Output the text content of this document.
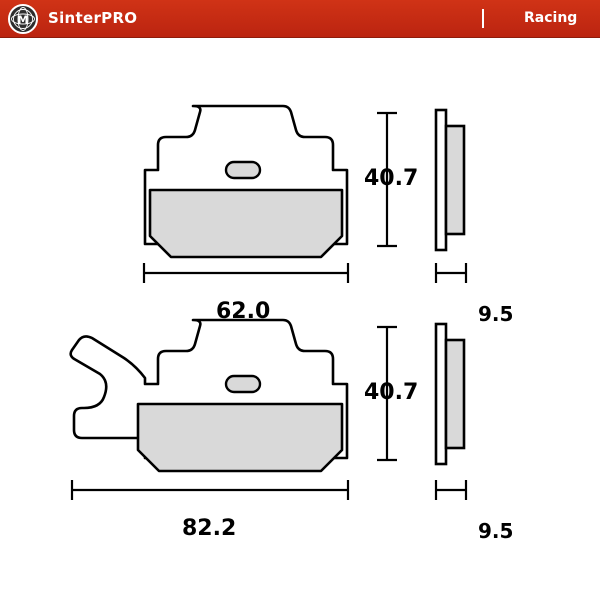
M SinterPRO	Racing
62.0
40.7
9.5
82.2
40.7
9.5
